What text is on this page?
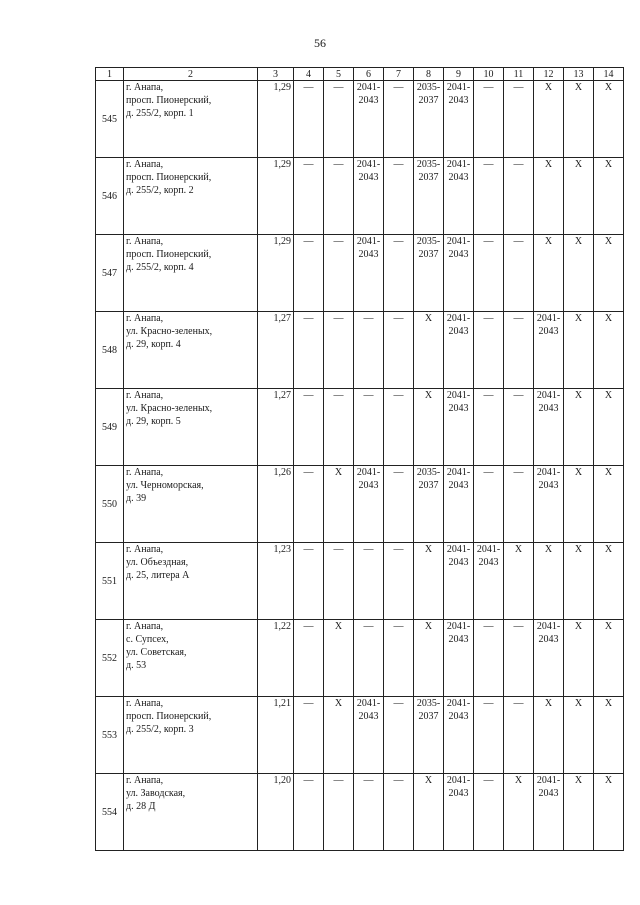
56
1	2	3	4	5	6	7	8	9	10	11	12	13	14
545	г. Анапа,
просп. Пионерский,
д. 255/2, корп. 1	1,29	—	—	2041-2043	—	2035-2037	2041-2043	—	—	X	X	X
546	г. Анапа,
просп. Пионерский,
д. 255/2, корп. 2	1,29	—	—	2041-2043	—	2035-2037	2041-2043	—	—	X	X	X
547	г. Анапа,
просп. Пионерский,
д. 255/2, корп. 4	1,29	—	—	2041-2043	—	2035-2037	2041-2043	—	—	X	X	X
548	г. Анапа,
ул. Красно-зеленых,
д. 29, корп. 4	1,27	—	—	—	—	X	2041-2043	—	—	2041-2043	X	X
549	г. Анапа,
ул. Красно-зеленых,
д. 29, корп. 5	1,27	—	—	—	—	X	2041-2043	—	—	2041-2043	X	X
550	г. Анапа,
ул. Черноморская,
д. 39	1,26	—	X	2041-2043	—	2035-2037	2041-2043	—	—	2041-2043	X	X
551	г. Анапа,
ул. Объездная,
д. 25, литера А	1,23	—	—	—	—	X	2041-2043	2041-2043	X	X	X	X
552	г. Анапа,
с. Супсех,
ул. Советская,
д. 53	1,22	—	X	—	—	X	2041-2043	—	—	2041-2043	X	X
553	г. Анапа,
просп. Пионерский,
д. 255/2, корп. 3	1,21	—	X	2041-2043	—	2035-2037	2041-2043	—	—	X	X	X
554	г. Анапа,
ул. Заводская,
д. 28 Д	1,20	—	—	—	—	X	2041-2043	—	X	2041-2043	X	X
